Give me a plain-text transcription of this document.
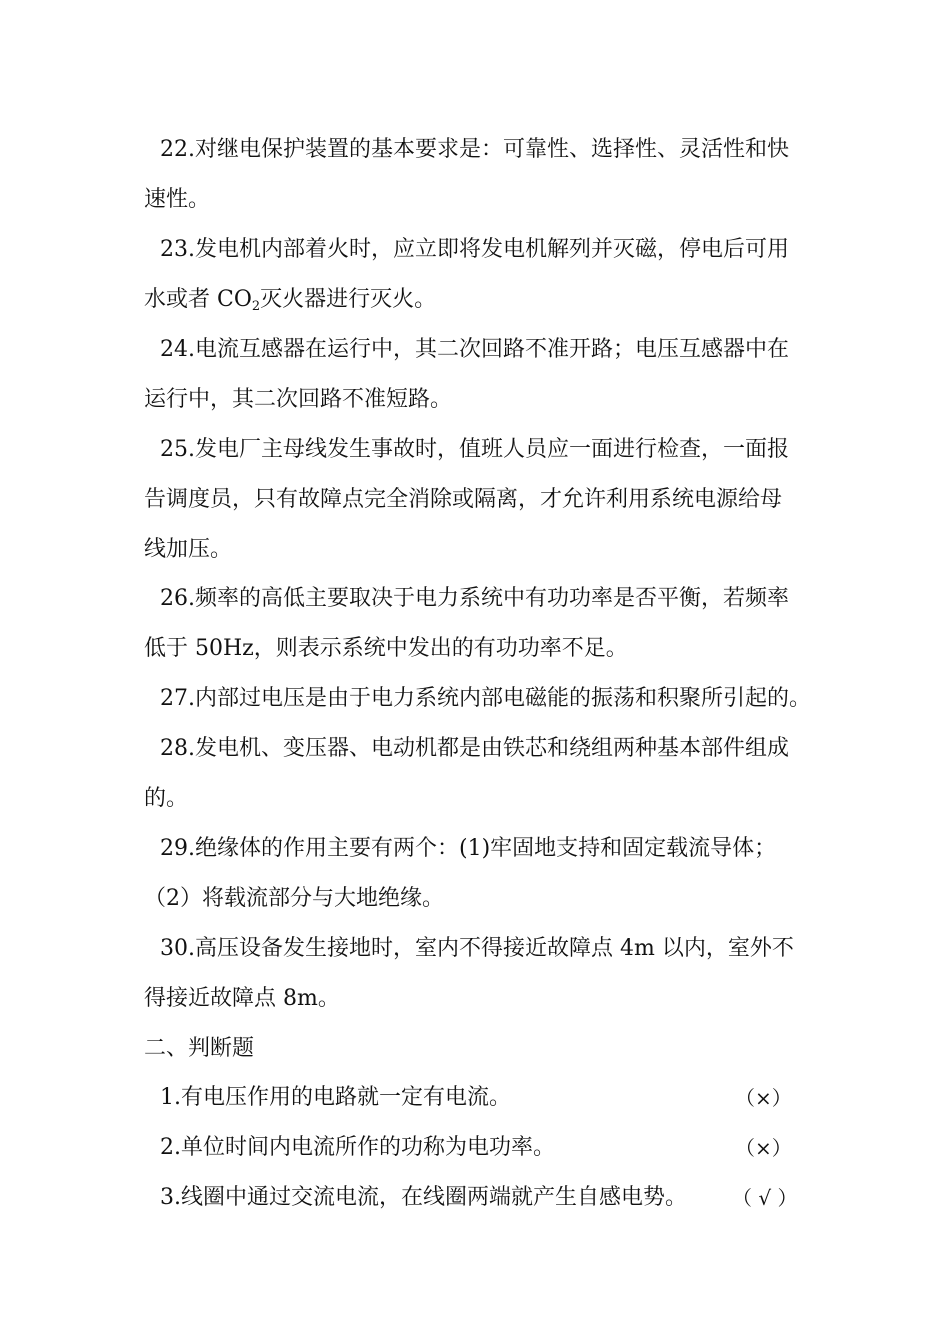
22.对继电保护装置的基本要求是：可靠性、选择性、灵活性和快
速性。
23.发电机内部着火时，应立即将发电机解列并灭磁，停电后可用
水或者 $CO_2$灭火器进行灭火。
24.电流互感器在运行中，其二次回路不准开路；电压互感器中在
运行中，其二次回路不准短路。
25.发电厂主母线发生事故时，值班人员应一面进行检查，一面报
告调度员，只有故障点完全消除或隔离，才允许利用系统电源给母
线加压。
26.频率的高低主要取决于电力系统中有功功率是否平衡，若频率
低于 50Hz，则表示系统中发出的有功功率不足。
27.内部过电压是由于电力系统内部电磁能的振荡和积聚所引起的。
28.发电机、变压器、电动机都是由铁芯和绕组两种基本部件组成
的。
29.绝缘体的作用主要有两个：(1)牢固地支持和固定载流导体；
（2）将载流部分与大地绝缘。
30.高压设备发生接地时，室内不得接近故障点 4m 以内，室外不
得接近故障点 8m。
二、判断题
1.有电压作用的电路就一定有电流。	（×）
2.单位时间内电流所作的功称为电功率。	（×）
3.线圈中通过交流电流，在线圈两端就产生自感电势。 （ √ ）
